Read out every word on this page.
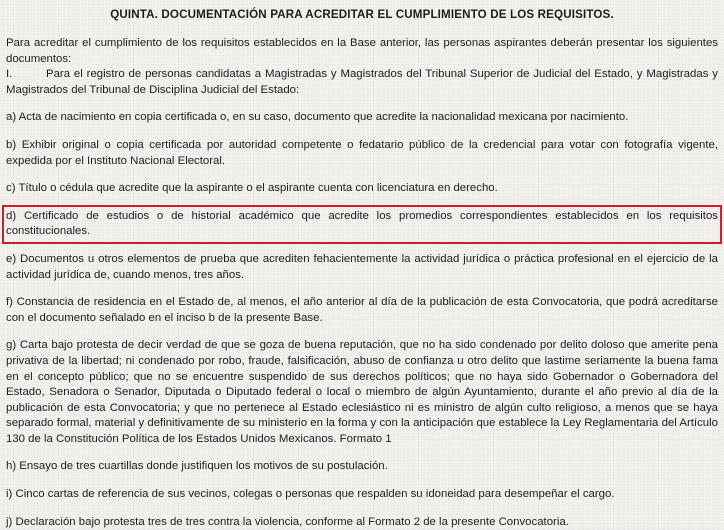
QUINTA. DOCUMENTACIÓN PARA ACREDITAR EL CUMPLIMIENTO DE LOS REQUISITOS.

Para acreditar el cumplimiento de los requisitos establecidos en la Base anterior, las personas aspirantes deberán presentar los siguientes documentos:

I.	Para el registro de personas candidatas a Magistradas y Magistrados del Tribunal Superior de Judicial del Estado, y Magistradas y Magistrados del Tribunal de Disciplina Judicial del Estado:

a) Acta de nacimiento en copia certificada o, en su caso, documento que acredite la nacionalidad mexicana por nacimiento.

b) Exhibir original o copia certificada por autoridad competente o fedatario público de la credencial para votar con fotografía vigente, expedida por el Instituto Nacional Electoral.

c) Título o cédula que acredite que la aspirante o el aspirante cuenta con licenciatura en derecho.

d) Certificado de estudios o de historial académico que acredite los promedios correspondientes establecidos en los requisitos constitucionales.

e) Documentos u otros elementos de prueba que acrediten fehacientemente la actividad jurídica o práctica profesional en el ejercicio de la actividad jurídica de, cuando menos, tres años.

f) Constancia de residencia en el Estado de, al menos, el año anterior al día de la publicación de esta Convocatoria, que podrá acreditarse con el documento señalado en el inciso b de la presente Base.

g) Carta bajo protesta de decir verdad de que se goza de buena reputación, que no ha sido condenado por delito doloso que amerite pena privativa de la libertad; ni condenado por robo, fraude, falsificación, abuso de confianza u otro delito que lastime seriamente la buena fama en el concepto público; que no se encuentre suspendido de sus derechos políticos; que no haya sido Gobernador o Gobernadora del Estado, Senadora o Senador, Diputada o Diputado federal o local o miembro de algún Ayuntamiento, durante el año previo al día de la publicación de esta Convocatoria; y que no pertenece al Estado eclesiástico ni es ministro de algún culto religioso, a menos que se haya separado formal, material y definitivamente de su ministerio en la forma y con la anticipación que establece la Ley Reglamentaria del Artículo 130 de la Constitución Política de los Estados Unidos Mexicanos. Formato 1

h) Ensayo de tres cuartillas donde justifiquen los motivos de su postulación.

i) Cinco cartas de referencia de sus vecinos, colegas o personas que respalden su idoneidad para desempeñar el cargo.

j) Declaración bajo protesta tres de tres contra la violencia, conforme al Formato 2 de la presente Convocatoria.
